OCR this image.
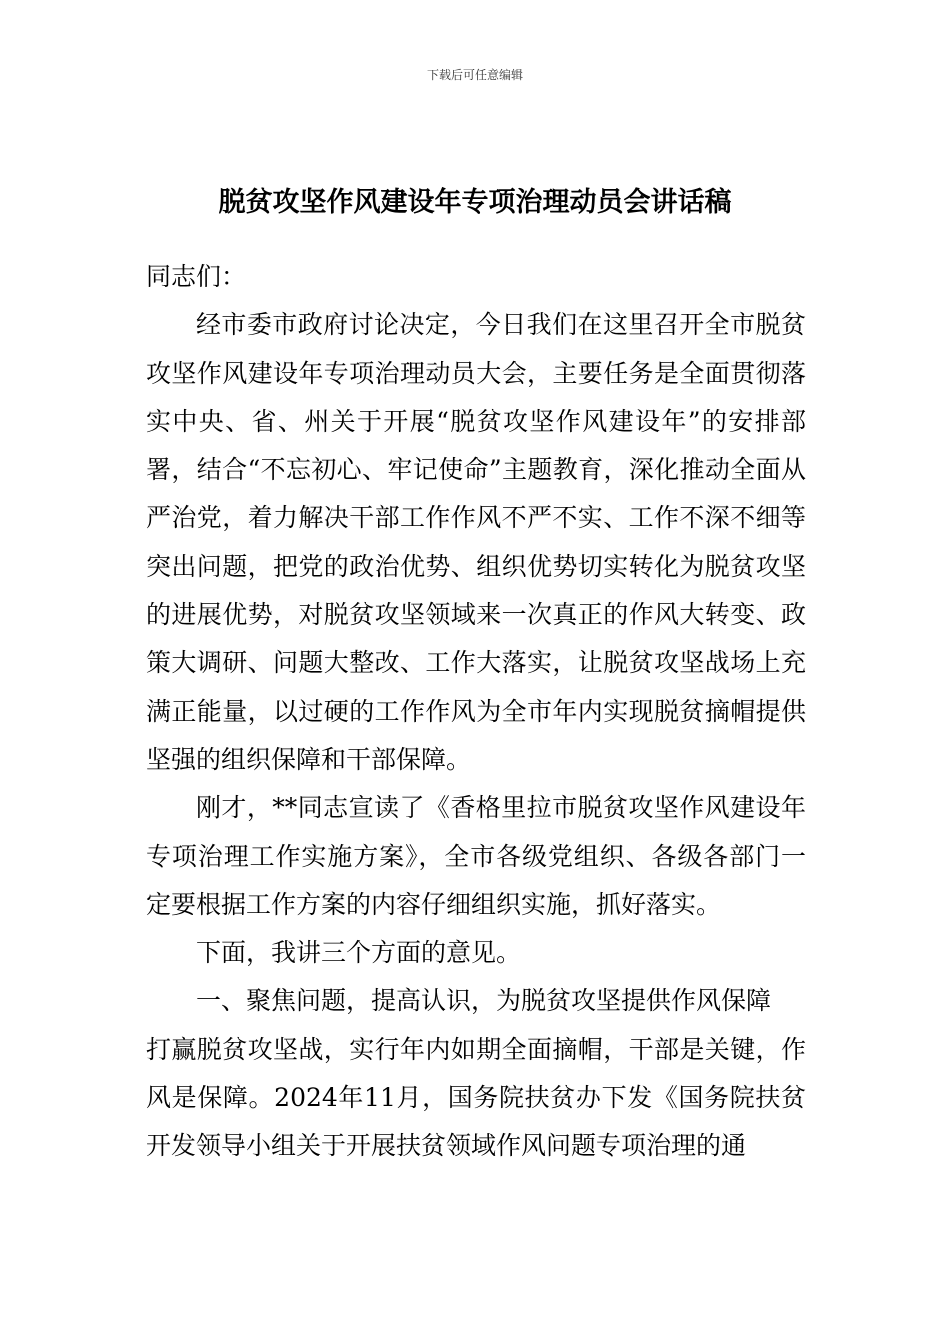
下载后可任意编辑
脱贫攻坚作风建设年专项治理动员会讲话稿

同志们：

经市委市政府讨论决定，今日我们在这里召开全市脱贫攻坚作风建设年专项治理动员大会，主要任务是全面贯彻落实中央、省、州关于开展“脱贫攻坚作风建设年”的安排部署，结合“不忘初心、牢记使命”主题教育，深化推动全面从严治党，着力解决干部工作作风不严不实、工作不深不细等突出问题，把党的政治优势、组织优势切实转化为脱贫攻坚的进展优势，对脱贫攻坚领域来一次真正的作风大转变、政策大调研、问题大整改、工作大落实，让脱贫攻坚战场上充满正能量，以过硬的工作作风为全市年内实现脱贫摘帽提供坚强的组织保障和干部保障。

刚才，**同志宣读了《香格里拉市脱贫攻坚作风建设年专项治理工作实施方案》，全市各级党组织、各级各部门一定要根据工作方案的内容仔细组织实施，抓好落实。

下面，我讲三个方面的意见。

一、聚焦问题，提高认识，为脱贫攻坚提供作风保障

打赢脱贫攻坚战，实行年内如期全面摘帽，干部是关键，作风是保障。2024年11月，国务院扶贫办下发《国务院扶贫开发领导小组关于开展扶贫领域作风问题专项治理的通
